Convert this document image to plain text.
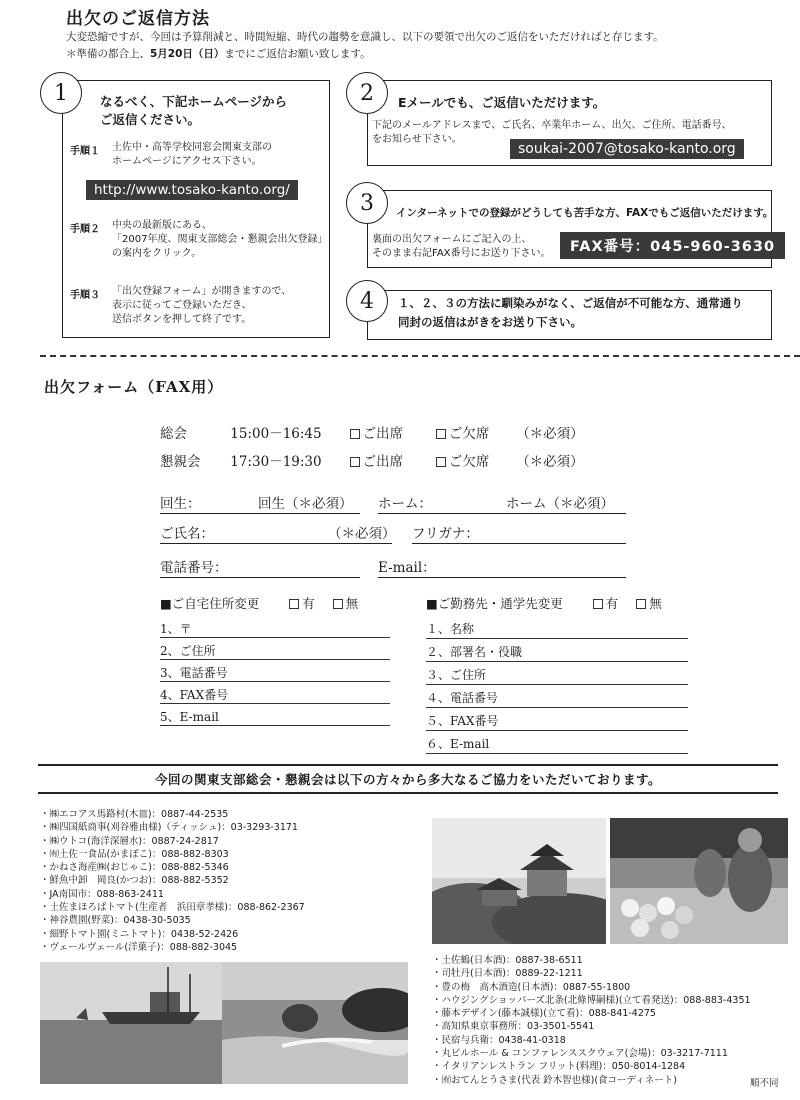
出欠のご返信方法
大変恐縮ですが、今回は予算削減と、時間短縮、時代の趨勢を意識し、以下の要領で出欠のご返信をいただければと存じます。
＊準備の都合上、5月20日（日）までにご返信お願い致します。
1	なるべく、下記ホームページから
ご返信ください。
手順１ 土佐中・高等学校同窓会関東支部の
ホームページにアクセス下さい。
http://www.tosako-kanto.org/
手順２ 中央の最新版にある、
「2007年度、関東支部総会・懇親会出欠登録」
の案内をクリック。
手順３ 「出欠登録フォーム」が開きますので、
表示に従ってご登録いただき、
送信ボタンを押して終了です。
2	Eメールでも、ご返信いただけます。
下記のメールアドレスまで、ご氏名、卒業年ホーム、出欠、ご住所、電話番号、
をお知らせ下さい。
soukai-2007@tosako-kanto.org
3	インターネットでの登録がどうしても苦手な方、FAXでもご返信いただけます。
裏面の出欠フォームにご記入の上、
そのまま右記FAX番号にお送り下さい。	FAX番号：045-960-3630
4	１、２、３の方法に馴染みがなく、ご返信が不可能な方、通常通り
同封の返信はがきをお送り下さい。
出欠フォーム（FAX用）
総会	15:00－16:45	ご出席	ご欠席 （＊必須）
懇親会 17:30－19:30	ご出席	ご欠席 （＊必須）
回生：	回生（＊必須） ホーム：	ホーム（＊必須）
ご氏名：	（＊必須） フリガナ：
電話番号：	E-mail：
■ご自宅住所変更	有 無
1、〒
2、ご住所
3、電話番号
4、FAX番号
5、E-mail
■ご勤務先・通学先変更	有 無
１、名称
２、部署名・役職
３、ご住所
４、電話番号
５、FAX番号
６、E-mail
今回の関東支部総会・懇親会は以下の方々から多大なるご協力をいただいております。
・㈱エコアス馬路村(木皿)：0887-44-2535
・㈱四国紙商事(刈谷雅由様)（ティッシュ)：03-3293-3171
・㈱ウトコ(海洋深層水)：0887-24-2817
・㈲土佐一食品(かまぼこ)：088-882-8303
・かねさ海産㈱(おじゃこ)：088-882-5346
・鮮魚中卸　岡良(かつお)：088-882-5352
・JA南国市：088-863-2411
・土佐まほろばトマト(生産者　浜田章孝様)：088-862-2367
・神谷農園(野菜)：0438-30-5035
・細野トマト園(ミニトマト)：0438-52-2426
・ヴェールヴェール(洋菓子)：088-882-3045
・土佐鶴(日本酒)：0887-38-6511
・司牡丹(日本酒)：0889-22-1211
・豊の梅　高木酒造(日本酒)：0887-55-1800
・ハウジングショッパーズ北条(北條博嗣様)(立て看発送)：088-883-4351
・藤本デザイン(藤本誠様)(立て看)：088-841-4275
・高知県東京事務所：03-3501-5541
・民宿与兵衛：0438-41-0318
・丸ビルホール & コンファレンススクウェア(会場)：03-3217-7111
・イタリアンレストラン フリット(料理)：050-8014-1284
・㈲おてんとうさま(代表 鈴木智也様)(食コーディネート)	順不同
